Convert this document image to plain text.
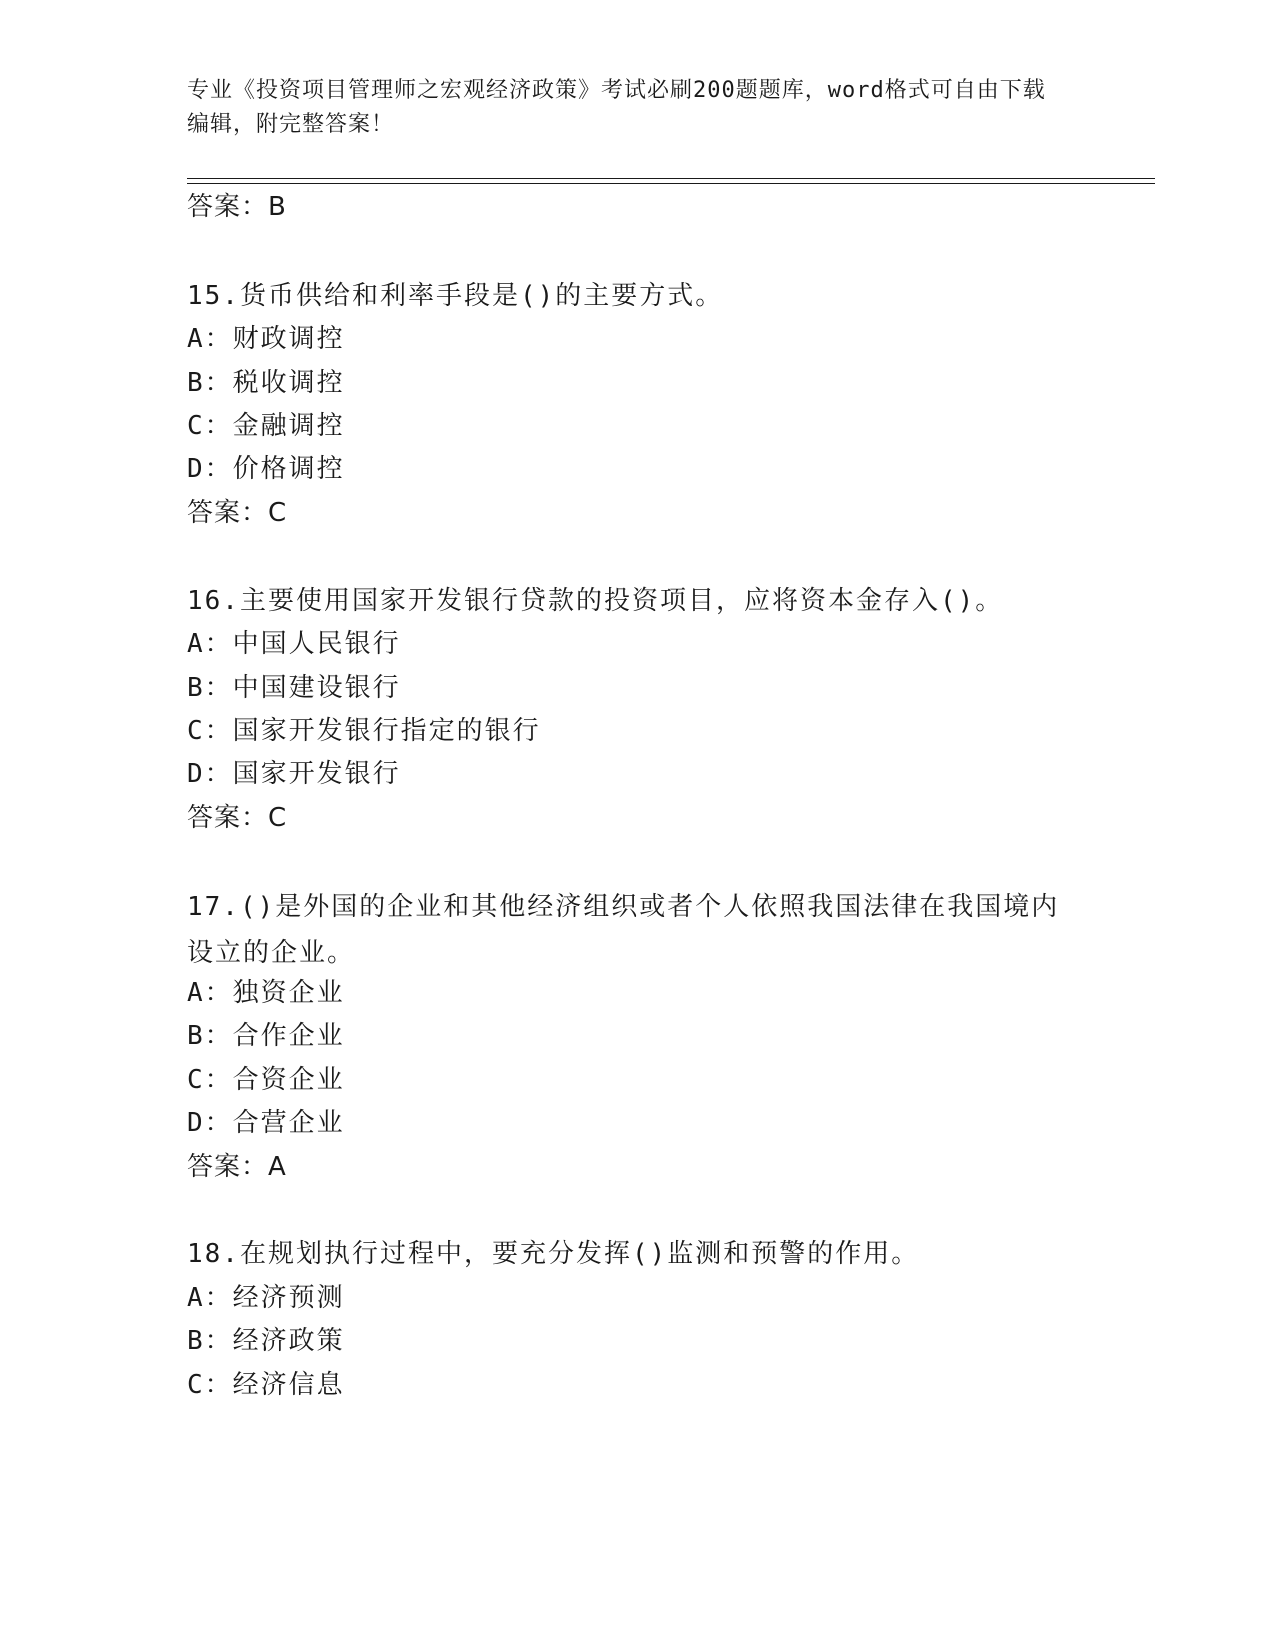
专业《投资项目管理师之宏观经济政策》考试必刷200题题库，word格式可自由下载编辑，附完整答案！
答案：B
15.货币供给和利率手段是()的主要方式。
A：财政调控
B：税收调控
C：金融调控
D：价格调控
答案：C
16.主要使用国家开发银行贷款的投资项目，应将资本金存入()。
A：中国人民银行
B：中国建设银行
C：国家开发银行指定的银行
D：国家开发银行
答案：C
17.()是外国的企业和其他经济组织或者个人依照我国法律在我国境内设立的企业。
A：独资企业
B：合作企业
C：合资企业
D：合营企业
答案：A
18.在规划执行过程中，要充分发挥()监测和预警的作用。
A：经济预测
B：经济政策
C：经济信息
